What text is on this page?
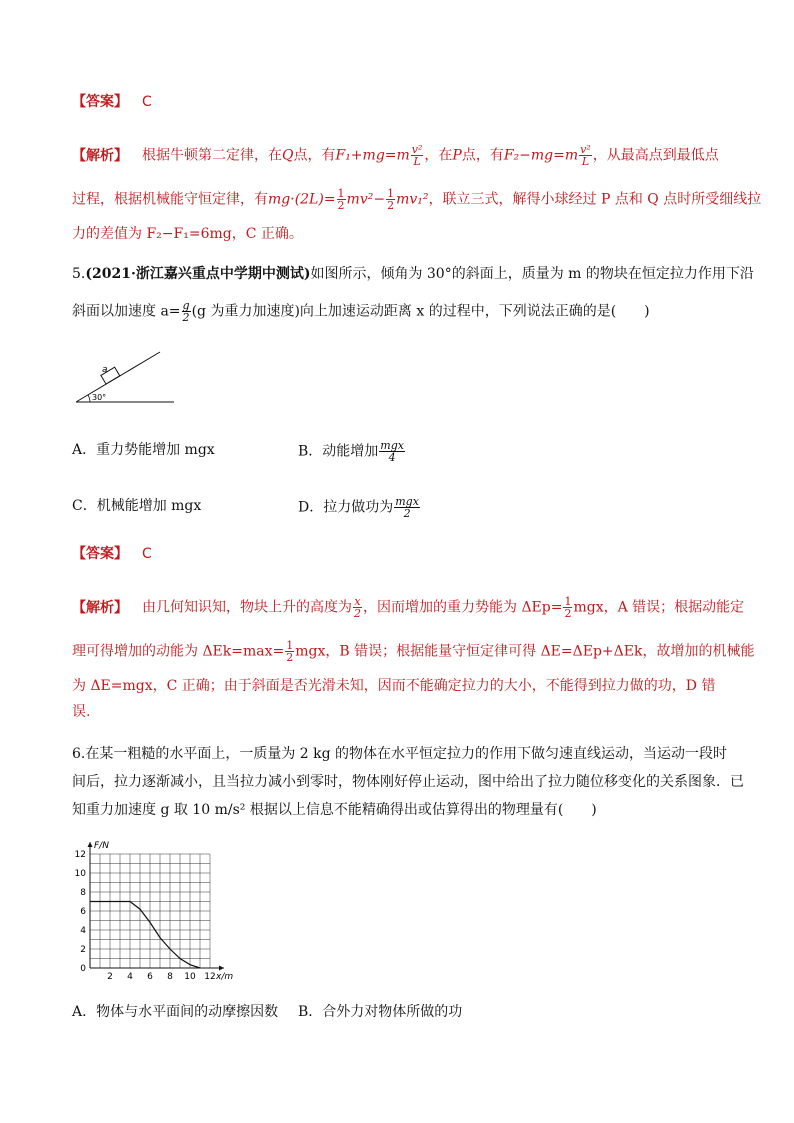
【答案】 C
【解析】 根据牛顿第二定律，在Q点，有$F_1+mg=m \frac{\text{v²}}{L}$ ，在P点，有$F_2-mg=m \frac{\text{v²}}{L}$ ，从最高点到最低点
过程，根据机械能守恒定律，有$mg\cdot(2L)= \frac{1}{2} mv^2- \frac{1}{2} mv_1^2$，联立三式，解得小球经过 P 点和 Q 点时所受细线拉
力的差值为 F₂−F₁=6mg，C 正确。
5.(2021·浙江嘉兴重点中学期中测试)如图所示，倾角为 30°的斜面上，质量为 m 的物块在恒定拉力作用下沿
斜面以加速度 $a= \frac{g}{2} (g$ 为重力加速度)向上加速运动距离 x 的过程中，下列说法正确的是(　　)
a
30°
A．重力势能增加 mgx	B．动能增加 $\frac{\text{mgx}}{4}$
C．机械能增加 mgx	D．拉力做功为 $\frac{\text{mgx}}{2}$
【答案】 C
【解析】 由几何知识知，物块上升的高度为 $\frac{x}{2}$ ，因而增加的重力势能为 $\Delta Ep= \frac{1}{2}$ mgx，A 错误；根据动能定
理可得增加的动能为 $\Delta Ek=\max= \frac{1}{2}$ mgx，B 错误；根据能量守恒定律可得 ΔE=ΔEp+ΔEk，故增加的机械能
为 ΔE=mgx，C 正确；由于斜面是否光滑未知，因而不能确定拉力的大小，不能得到拉力做的功，D 错
误.
6.在某一粗糙的水平面上，一质量为 2 kg 的物体在水平恒定拉力的作用下做匀速直线运动，当运动一段时
间后，拉力逐渐减小，且当拉力减小到零时，物体刚好停止运动，图中给出了拉力随位移变化的关系图象．已
知重力加速度 g 取 10 m/s² 根据以上信息不能精确得出或估算得出的物理量有(　　)
0
2
4
6
8
10
12
2 4 6 8 10 12
F/N
x/m
A．物体与水平面间的动摩擦因数 B．合外力对物体所做的功
